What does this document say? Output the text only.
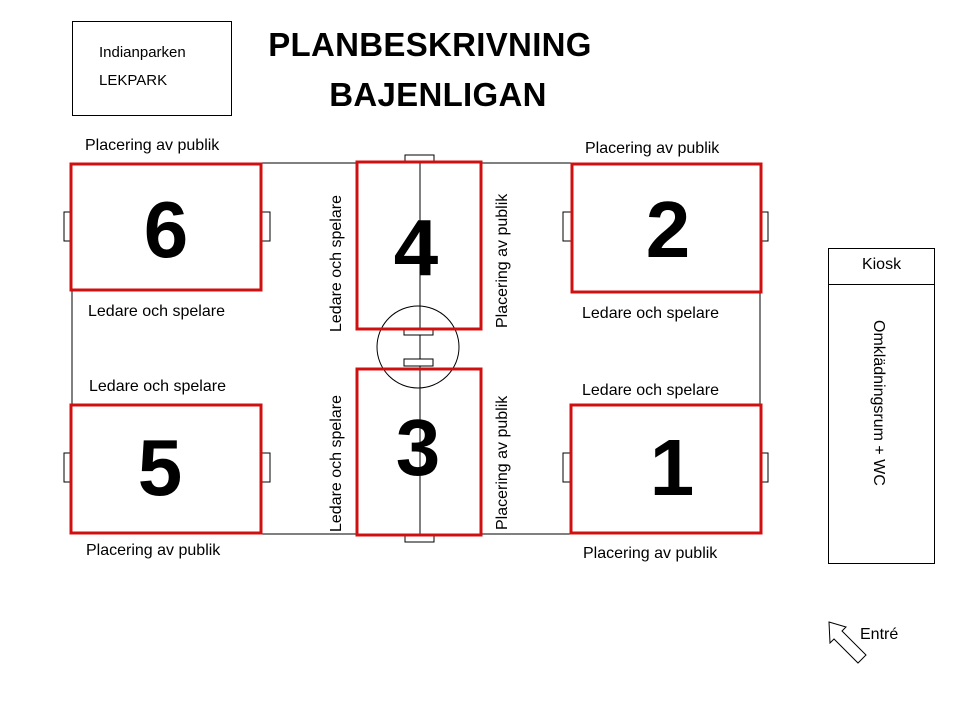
Indianparken
LEKPARK
PLANBESKRIVNING
BAJENLIGAN
6	4	2
5	3	1
Placering av publik	Placering av publik
Ledare och spelare	Ledare och spelare
Ledare och spelare	Ledare och spelare
Placering av publik	Placering av publik
Ledare och spelare	Placering av publik
Ledare och spelare	Placering av publik
Kiosk
Omklädningsrum + WC
Entré
